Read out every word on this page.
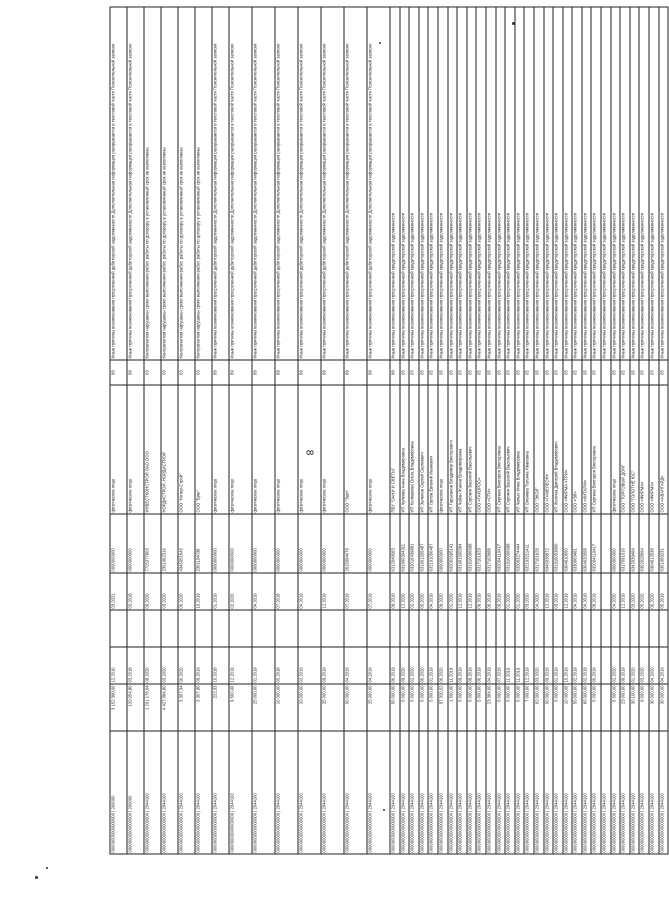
8
00000000000000000 | 200000	3 152 390,00	12.2016		03.2021	0000000000	физическое лицо	89	Иные причины возникновения просроченной дебиторской задолженности Дополнительная информация раскрывается в текстовой части Пояснительной записки
00000000000000000 | 200000	120 054,80	03.2018		03.2018	0000000000	физическое лицо	89	Иные причины возникновения просроченной дебиторской задолженности Дополнительная информация раскрывается в текстовой части Пояснительной записки
00000000000000000 | 2044100	1 201 178,64	08.2020		09.2020	7725377803	ИНВЕСТКОНСТРОЙ ОАО ООО	03	Контрагентом нарушены сроки выполнения работ, работы по договору в установленный срок не выполнены
00000000000000000 | 2044100	4 427 084,80	03.2020		03.2020	2301062316	НОРДИСТРОЙ, НОРДИСТРОЙ	03	Контрагентом нарушены сроки выполнения работ, работы по договору в установленный срок не выполнены
00000000000000000 | 2044100	3 307,34	06.2020		06.2020	4345051645	ООО "Интер-Строй"	03	Контрагентом нарушены сроки выполнения работ, работы по договору в установленный срок не выполнены
00000000000000000 | 2044100	3 307,86	09.2019		10.2019	2301104038	ООО "Брег"	03	Контрагентом нарушены сроки выполнения работ, работы по договору в установленный срок не выполнены
00000000000000000 | 2044100	222,33	10.2018		01.2019	0000000000	физическое лицо	89	Иные причины возникновения просроченной дебиторской задолженности Дополнительная информация раскрывается в текстовой части Пояснительной записки
00000000000000000 | 2044100	9 500,00	12.2019		02.2020	0000000000	физическое лицо	89	Иные причины возникновения просроченной дебиторской задолженности Дополнительная информация раскрывается в текстовой части Пояснительной записки
00000000000000000 | 2044100	25 000,00	01.2019		04.2019	0000000000	физическое лицо	89	Иные причины возникновения просроченной дебиторской задолженности Дополнительная информация раскрывается в текстовой части Пояснительной записки
00000000000000000 | 2044100	16 000,00	05.2018		07.2018	0000000000	физическое лицо	89	Иные причины возникновения просроченной дебиторской задолженности Дополнительная информация раскрывается в текстовой части Пояснительной записки
00000000000000000 | 2044100	20 000,00	02.2019		04.2019	0000000000	физическое лицо	89	Иные причины возникновения просроченной дебиторской задолженности Дополнительная информация раскрывается в текстовой части Пояснительной записки
00000000000000000 | 2044100	25 000,00	09.2019		12.2019	0000000000	физическое лицо	89	Иные причины возникновения просроченной дебиторской задолженности Дополнительная информация раскрывается в текстовой части Пояснительной записки
00000000000000000 | 2044100	50 000,00	04.2019		07.2019	2615094479	ООО "Эшп"	89	Иные причины возникновения просроченной дебиторской задолженности Дополнительная информация раскрывается в текстовой части Пояснительной записки
00000000000000000 | 2044100	25 000,00	04.2019		07.2019	0000000000	физическое лицо	89	Иные причины возникновения просроченной дебиторской задолженности Дополнительная информация раскрывается в текстовой части Пояснительной записки
00000000000000000 | 2044100	50 000,00	06.2019		09.2019	6312049583	ПБУ "ОАНИ И СВЕТЫ"	89	Иные причины возникновения просроченной кредиторской задолженности
00000000000000000 | 2044100	5 000,00	09.2020		12.2020	631900304311	ИП Чулкова Анна Владимировна	05	Иные причины возникновения просроченной кредиторской задолженности
00000000000000000 | 2044100	5 000,00	02.2020		02.2020	632016439881	ИП Колмакова Ольга Владимировна	05	Иные причины возникновения просроченной кредиторской задолженности
00000000000000000 | 2044100	5 000,00	06.2020		05.2020	631901205487	ИП Зеленов Сергей Сергеевич	05	Иные причины возникновения просроченной кредиторской задолженности
00000000000000000 | 2044100	5 000,00	01.2019		04.2019	632101056487	ИП Орлов Евгений Иванович	05	Иные причины возникновения просроченной кредиторской задолженности
00000000000000000 | 2044100	57 320,52	06.2020		09.2020	0000000000	физическое лицо	05	Иные причины возникновения просроченной кредиторской задолженности
00000000000000000 | 2044100	1 500,00	11.2019		01.2020	632002695141	ИП Гараханов Владимир Викторович	05	Иные причины возникновения просроченной кредиторской задолженности
00000000000000000 | 2044100	5 000,00	09.2019		12.2019	631901500584	ИП Чабан Жанна Владимировна	05	Иные причины возникновения просроченной кредиторской задолженности
00000000000000000 | 2044100	5 000,00	09.2019		12.2019	631910056698	ИП Сорокин Василий Васильевич	05	Иные причины возникновения просроченной кредиторской задолженности
00000000000000000 | 2044100	5 000,00	06.2019		09.2019	6317101629	ООО «ГАКОРОС»	05	Иные причины возникновения просроченной кредиторской задолженности
00000000000000000 | 2044100	23 384,00	04.2019		06.2019	6317102688	ООО «СТИ»	05	Иные причины возникновения просроченной кредиторской задолженности
00000000000000000 | 2044100	5 000,00	07.2019		09.2019	632004110417	ИП Сергеев Виктория Викторовна	05	Иные причины возникновения просроченной кредиторской задолженности
00000000000000000 | 2044100	5 000,00	11.2019		01.2020	631910056698	ИП Сорокин Василий Васильевич	05	Иные причины возникновения просроченной кредиторской задолженности
00000000000000000 | 2044100	5 000,00	11.2019		01.2020	632003274444	ИП Чалых Инна Владимировна	05	Иные причины возникновения просроченной кредиторской задолженности
00000000000000000 | 2044100	7 000,00	12.2019		03.2020	632103211411	ИП Оленева Татьяна Ивановна	05	Иные причины возникновения просроченной кредиторской задолженности
00000000000000000 | 2044100	92 000,00	03.2020		04.2020	6317101629	ООО "ЭКОЛ"	05	Иные причины возникновения просроченной кредиторской задолженности
00000000000000000 | 2044100	50 000,00	09.2019		12.2019	6345038872	ООО «ГАМЕЛЕОН»	05	Иные причины возникновения просроченной кредиторской задолженности
00000000000000000 | 2044100	5 000,00	01.2019		03.2019	631910053800	ИП Жилина Дмитрий Владимирович	05	Иные причины возникновения просроченной кредиторской задолженности
00000000000000000 | 2044100	10 000,00	10.2019		12.2019	6304010650	ООО «ФИРМА «ТРИ»	05	Иные причины возникновения просроченной кредиторской задолженности
00000000000000000 | 2044100	50 000,00	02.2019		04.2019	6330063481	ООО «ЭЛ»	05	Иные причины возникновения просроченной кредиторской задолженности
00000000000000000 | 2044100	65 000,00	02.2019		04.2019	6304020058	ООО «КИТАРМ»	05	Иные причины возникновения просроченной кредиторской задолженности
00000000000000000 | 2044100	5 000,00	06.2019		08.2019	632004110417	ИП Сергеев Виктория Викторовна	05	Иные причины возникновения просроченной кредиторской задолженности
00000000000000000 | 2044100								Иные причины возникновения просроченной кредиторской задолженности
00000000000000000 | 2044100	6 500,00	02.2020		04.2020	0000000000	физическое лицо	05	Иные причины возникновения просроченной кредиторской задолженности
00000000000000000 | 2044100	23 000,00	09.2019		12.2019	6317091016	ООО "ТОРГОВЫЙ ДОМ"	05	Иные причины возникновения просроченной кредиторской задолженности
00000000000000000 | 2044100	30 100,00	01.2020		03.2020	6342039484	ООО "ГОЛОТНЕ ЮС"	05	Иные причины возникновения просроченной кредиторской задолженности
00000000000000000 | 2044100	9 000,00	03.2020		05.2020	6302028694	ООО «ФИРМА»	05	Иные причины возникновения просроченной кредиторской задолженности
00000000000000000 | 2044100	30 000,00	04.2020		06.2020	6304013538	ООО «ФИРМА»	05	Иные причины возникновения просроченной кредиторской задолженности
00000000000000000 | 2044100	30 000,00	04.2019		06.2019	6301069231	ООО «АВАНГАРД»	05	Иные причины возникновения просроченной кредиторской задолженности
